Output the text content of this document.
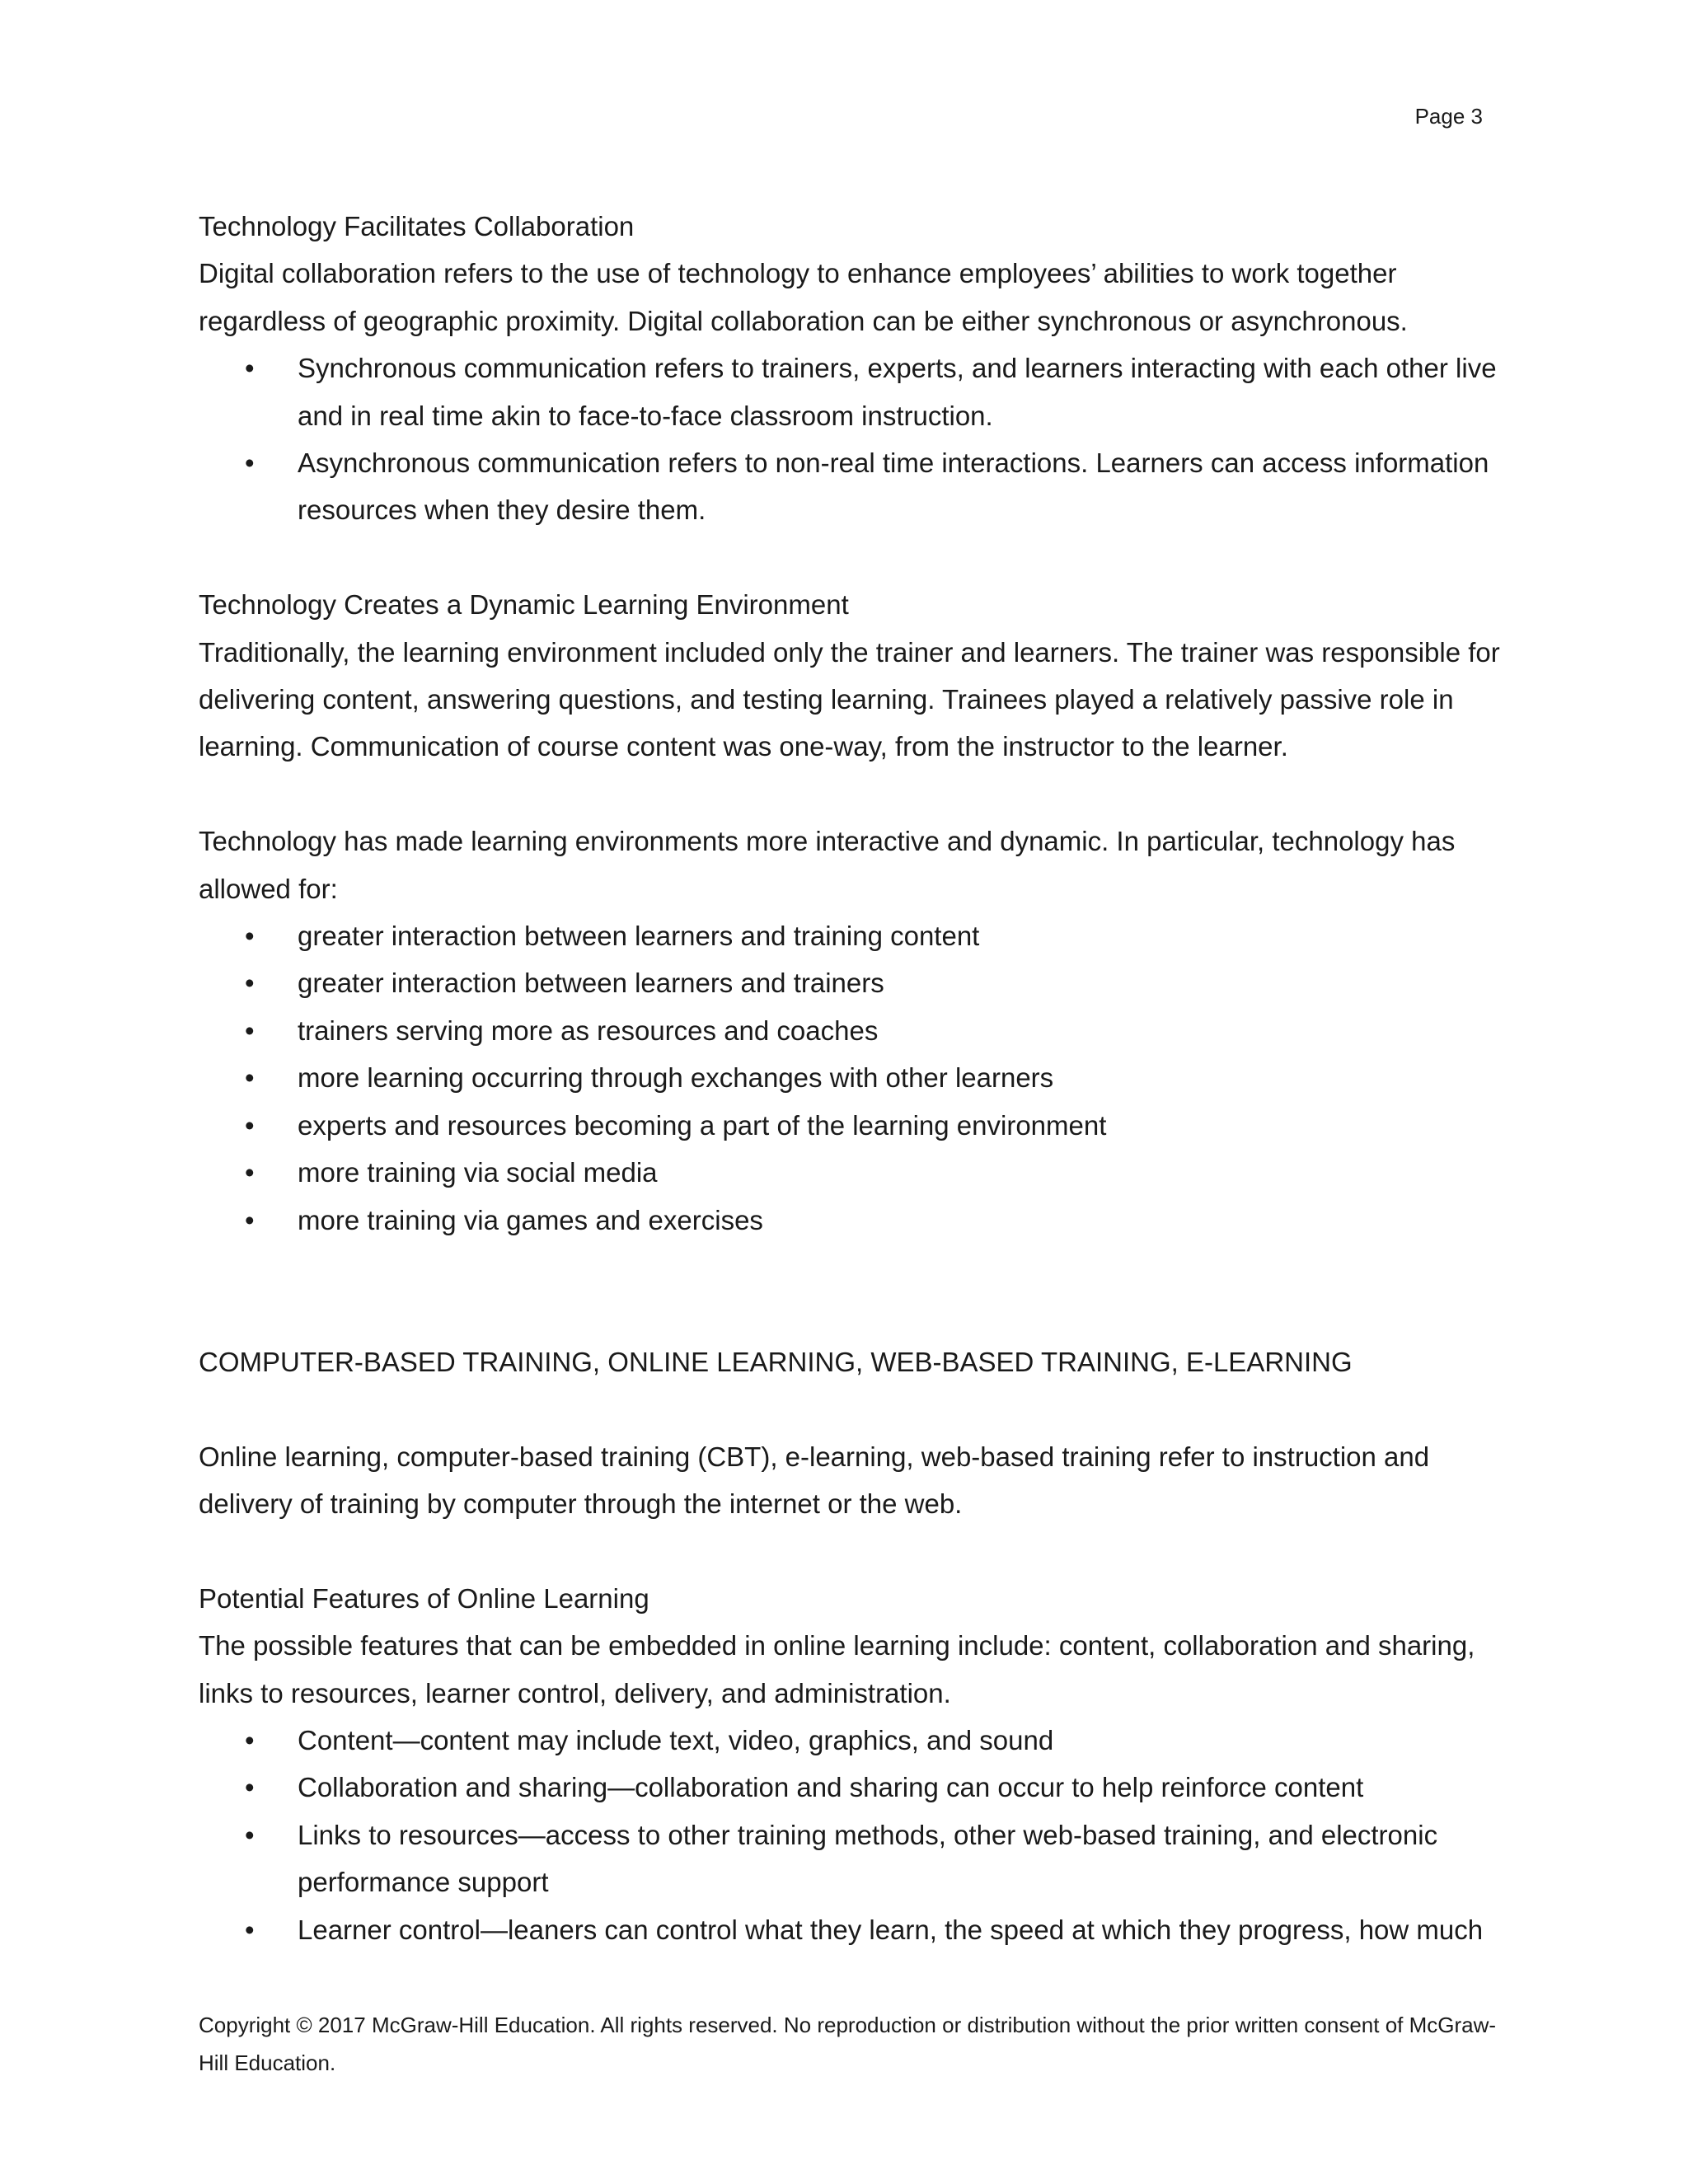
Page 3
Technology Facilitates Collaboration

Digital collaboration refers to the use of technology to enhance employees’ abilities to work together regardless of geographic proximity. Digital collaboration can be either synchronous or asynchronous.

• Synchronous communication refers to trainers, experts, and learners interacting with each other live and in real time akin to face-to-face classroom instruction.
• Asynchronous communication refers to non-real time interactions. Learners can access information resources when they desire them.
Technology Creates a Dynamic Learning Environment

Traditionally, the learning environment included only the trainer and learners. The trainer was responsible for delivering content, answering questions, and testing learning. Trainees played a relatively passive role in learning. Communication of course content was one-way, from the instructor to the learner.

Technology has made learning environments more interactive and dynamic. In particular, technology has allowed for:

• greater interaction between learners and training content
• greater interaction between learners and trainers
• trainers serving more as resources and coaches
• more learning occurring through exchanges with other learners
• experts and resources becoming a part of the learning environment
• more training via social media
• more training via games and exercises
COMPUTER-BASED TRAINING, ONLINE LEARNING, WEB-BASED TRAINING, E-LEARNING

Online learning, computer-based training (CBT), e-learning, web-based training refer to instruction and delivery of training by computer through the internet or the web.

Potential Features of Online Learning

The possible features that can be embedded in online learning include: content, collaboration and sharing, links to resources, learner control, delivery, and administration.

• Content—content may include text, video, graphics, and sound
• Collaboration and sharing—collaboration and sharing can occur to help reinforce content
• Links to resources—access to other training methods, other web-based training, and electronic performance support
• Learner control—leaners can control what they learn, the speed at which they progress, how much
Copyright © 2017 McGraw-Hill Education. All rights reserved. No reproduction or distribution without the prior written consent of McGraw-Hill Education.
